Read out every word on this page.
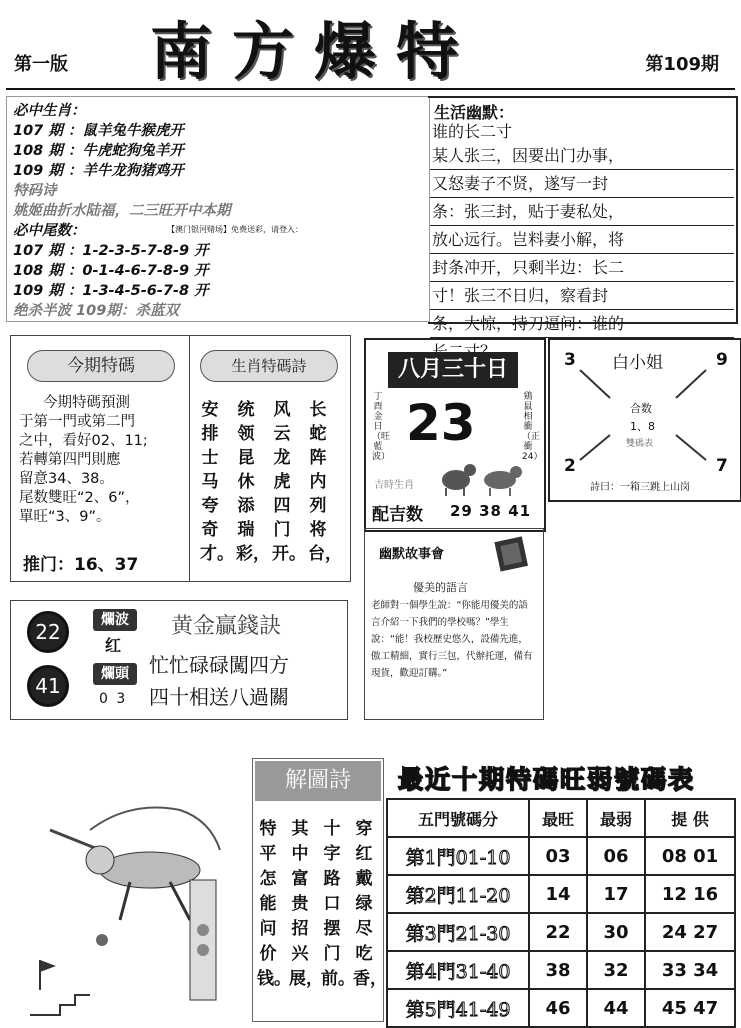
第一版 南方爆特	第109期
必中生肖：
107 期 ：鼠羊兔牛猴虎开
108 期 ：牛虎蛇狗兔羊开
109 期 ：羊牛龙狗猪鸡开
特码诗
姚姬曲折水陆福，二三旺开中本期
必中尾数：	【澳门银河赌场】免费送彩，请登入：
107 期 ：1-2-3-5-7-8-9 开
108 期 ：0-1-4-6-7-8-9 开
109 期 ：1-3-4-5-6-7-8 开
绝杀半波 109期：杀蓝双
生活幽默：
谁的长二寸
某人张三，因要出门办事，
又怒妻子不贤，遂写一封
条：张三封，贴于妻私处，
放心远行。岂料妻小解，将
封条冲开，只剩半边：长二
寸！张三不日归，察看封
条，大惊，持刀逼问：谁的
今期特碼
今期特碼預測
于第一門或第二門
之中，看好02、11;
若轉第四門則應
留意34、38。
尾数雙旺“2、6”，
單旺“3、9”。
推门：16、37
生肖特碼詩
长蛇阵内列将台，
风云龙虎四门开。
统领昆休添瑞彩，
安排士马夸奇才。
八月三十日
丁酉金日（旺藍波）
鶏鼠相衝（正衝24）
23
吉時生肖
配吉数 29 38 41
白小姐
3	9
2	7
合数
1、8
雙碼表
詩曰：一箱三跳上山岗
幽默故事會
優美的語言
老師對一個學生說：“你能用優美的語言介紹一下我們的學校嗎？”學生說：“能！我校歷史悠久，設備先進，傲工精細，實行三包，代辦托運，備有現貨，歡迎訂購。”
22	爛波
红
41	爛頭
0 3
黄金贏錢訣
忙忙碌碌闖四方
四十相送八過關
解圖詩
穿红戴绿尽吃香，
十字路口摆门前。
其中富贵招兴展，
特平怎能问价钱。
最近十期特碼旺弱號碼表
五門號碼分	最旺	最弱	提 供
第1門01-10	03	06	08 01
第2門11-20	14	17	12 16
第3門21-30	22	30	24 27
第4門31-40	38	32	33 34
第5門41-49	46	44	45 47
